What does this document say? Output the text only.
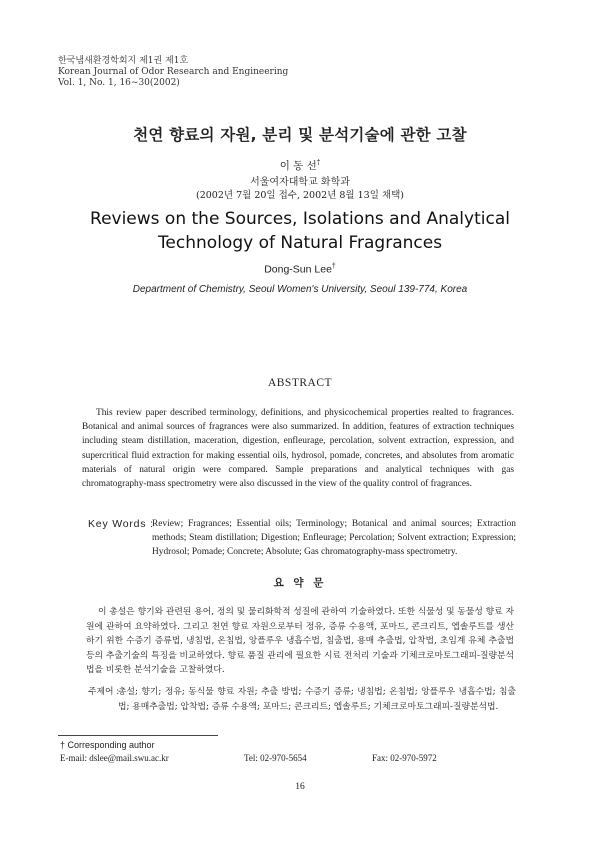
한국냄새환경학회지 제1권 제1호
Korean Journal of Odor Research and Engineering
Vol. 1, No. 1, 16∼30(2002)
천연 향료의 자원, 분리 및 분석기술에 관한 고찰
이 동 선†
서울여자대학교 화학과
(2002년 7월 20일 접수, 2002년 8월 13일 채택)
Reviews on the Sources, Isolations and Analytical Technology of Natural Fragrances
Dong-Sun Lee†
Department of Chemistry, Seoul Women's University, Seoul 139-774, Korea
ABSTRACT

This review paper described terminology, definitions, and physicochemical properties realted to fragrances. Botanical and animal sources of fragrances were also summarized. In addition, features of extraction techniques including steam distillation, maceration, digestion, enfleurage, percolation, solvent extraction, expression, and supercritical fluid extraction for making essential oils, hydrosol, pomade, concretes, and absolutes from aromatic materials of natural origin were compared. Sample preparations and analytical techniques with gas chromatography-mass spectrometry were also discussed in the view of the quality control of fragrances.

Key Words :
Review; Fragrances; Essential oils; Terminology; Botanical and animal sources; Extraction methods; Steam distillation; Digestion; Enfleurage; Percolation; Solvent extraction; Expression; Hydrosol; Pomade; Concrete; Absolute; Gas chromatography-mass spectrometry.
요 약 문

이 총설은 향기와 관련된 용어, 정의 및 물리화학적 성질에 관하여 기술하였다. 또한 식물성 및 동물성 향료 자원에 관하여 요약하였다. 그리고 천연 향료 자원으로부터 정유, 증류 수용액, 포마드, 콘크리트, 엡솔루트를 생산하기 위한 수증기 증류법, 냉침법, 온침법, 앙플루우 냉흡수법, 침출법, 용매 추출법, 압착법, 초임계 유체 추출법 등의 추출기술의 특징을 비교하였다. 향료 품질 관리에 필요한 시료 전처리 기술과 기체크로마토그래피-질량분석법을 비롯한 분석기술을 고찰하였다.

주제어 :
총설; 향기; 정유; 동식물 향료 자원; 추출 방법; 수증기 증류; 냉침법; 온침법; 앙플루우 냉흡수법; 침출법; 용매추출법; 압착법; 증류 수용액; 포마드; 콘크리트; 엡솔루트; 기체크로마토그래피-질량분석법.
† Corresponding author
E-mail: dslee@mail.swu.ac.kr	Tel: 02-970-5654	Fax: 02-970-5972
16
